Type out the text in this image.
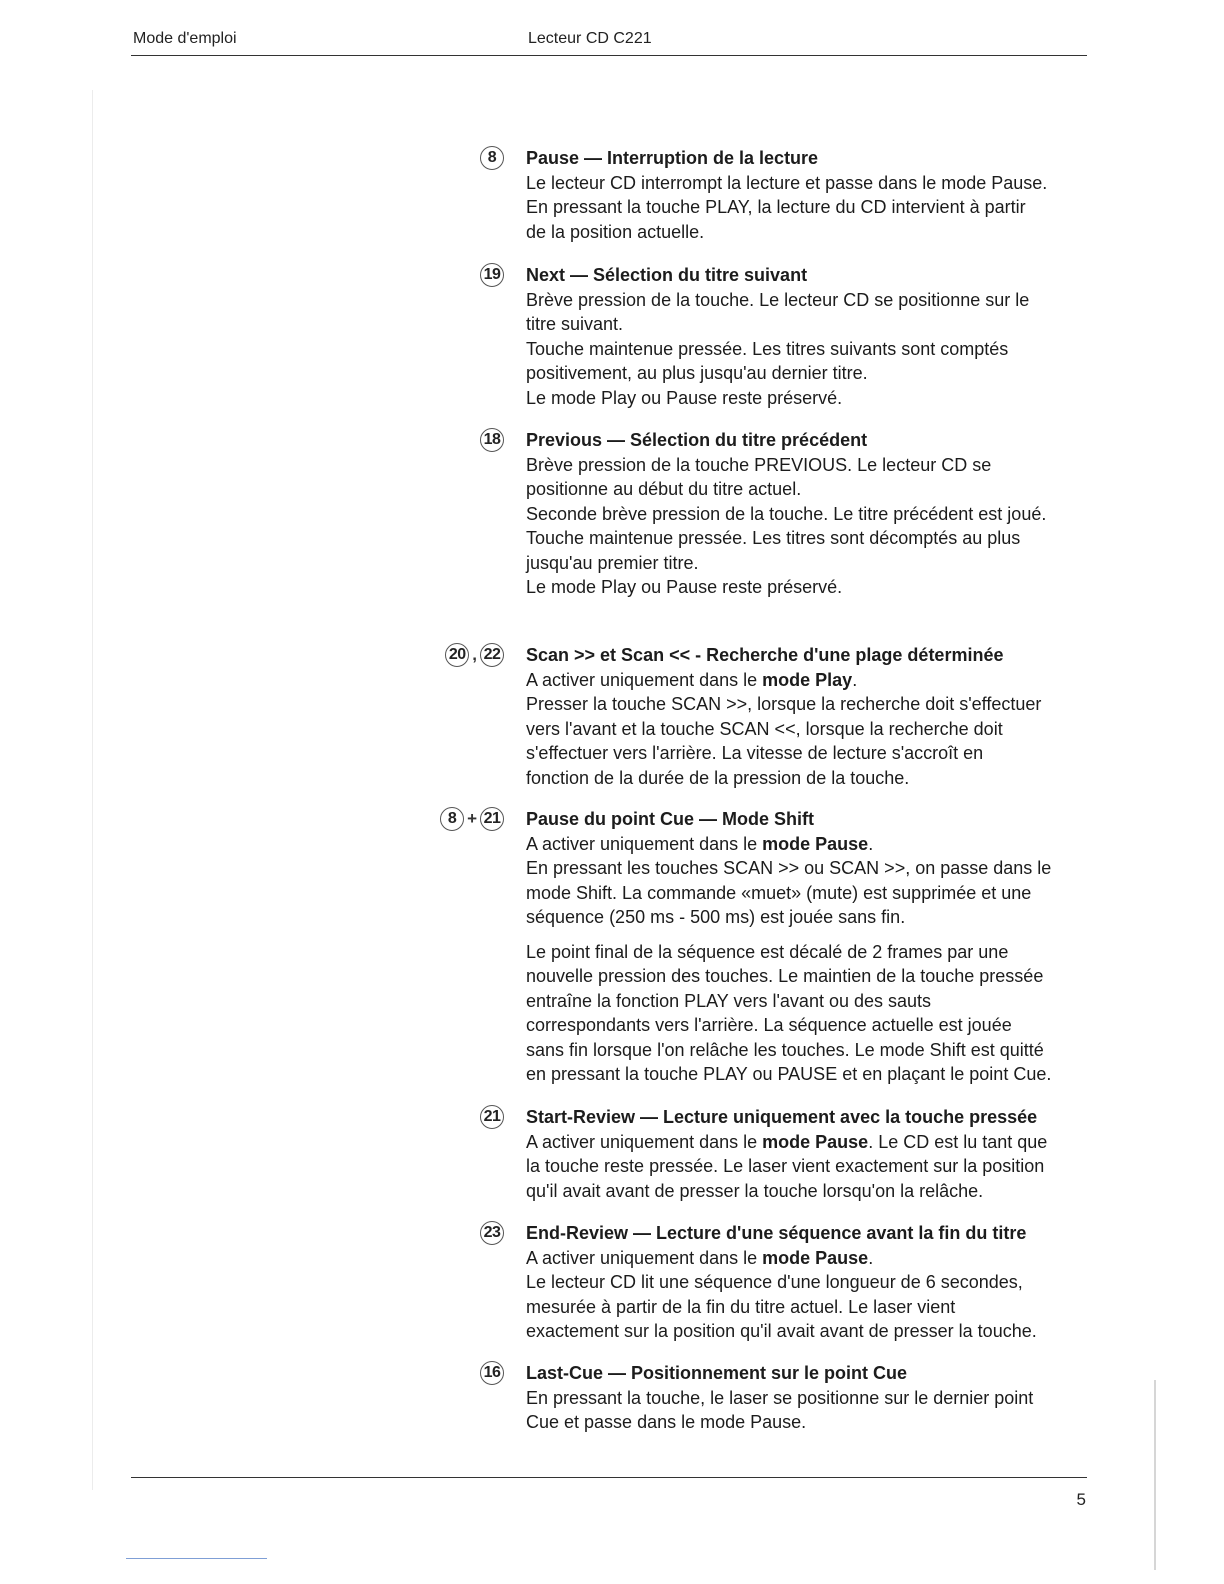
Mode d'emploi	Lecteur CD C221
8	Pause — Interruption de la lecture

Le lecteur CD interrompt la lecture et passe dans le mode Pause.

En pressant la touche PLAY, la lecture du CD intervient à partir

de la position actuelle.

19 Next — Sélection du titre suivant

Brève pression de la touche. Le lecteur CD se positionne sur le

titre suivant.

Touche maintenue pressée. Les titres suivants sont comptés

positivement, au plus jusqu'au dernier titre.

Le mode Play ou Pause reste préservé.

18 Previous — Sélection du titre précédent

Brève pression de la touche PREVIOUS. Le lecteur CD se

positionne au début du titre actuel.

Seconde brève pression de la touche. Le titre précédent est joué.

Touche maintenue pressée. Les titres sont décomptés au plus

jusqu'au premier titre.

Le mode Play ou Pause reste préservé.

20 , 22 Scan >> et Scan << - Recherche d'une plage déterminée

A activer uniquement dans le mode Play.

Presser la touche SCAN >>, lorsque la recherche doit s'effectuer

vers l'avant et la touche SCAN <<, lorsque la recherche doit

s'effectuer vers l'arrière. La vitesse de lecture s'accroît en

fonction de la durée de la pression de la touche.

8 + 21 Pause du point Cue — Mode Shift

A activer uniquement dans le mode Pause.

En pressant les touches SCAN >> ou SCAN >>, on passe dans le

mode Shift. La commande «muet» (mute) est supprimée et une

séquence (250 ms - 500 ms) est jouée sans fin.

Le point final de la séquence est décalé de 2 frames par une

nouvelle pression des touches. Le maintien de la touche pressée

entraîne la fonction PLAY vers l'avant ou des sauts

correspondants vers l'arrière. La séquence actuelle est jouée

sans fin lorsque l'on relâche les touches. Le mode Shift est quitté

en pressant la touche PLAY ou PAUSE et en plaçant le point Cue.

21 Start-Review — Lecture uniquement avec la touche pressée

A activer uniquement dans le mode Pause. Le CD est lu tant que

la touche reste pressée. Le laser vient exactement sur la position

qu'il avait avant de presser la touche lorsqu'on la relâche.

23 End-Review — Lecture d'une séquence avant la fin du titre

A activer uniquement dans le mode Pause.

Le lecteur CD lit une séquence d'une longueur de 6 secondes,

mesurée à partir de la fin du titre actuel. Le laser vient

exactement sur la position qu'il avait avant de presser la touche.

16 Last-Cue — Positionnement sur le point Cue

En pressant la touche, le laser se positionne sur le dernier point

Cue et passe dans le mode Pause.

5
